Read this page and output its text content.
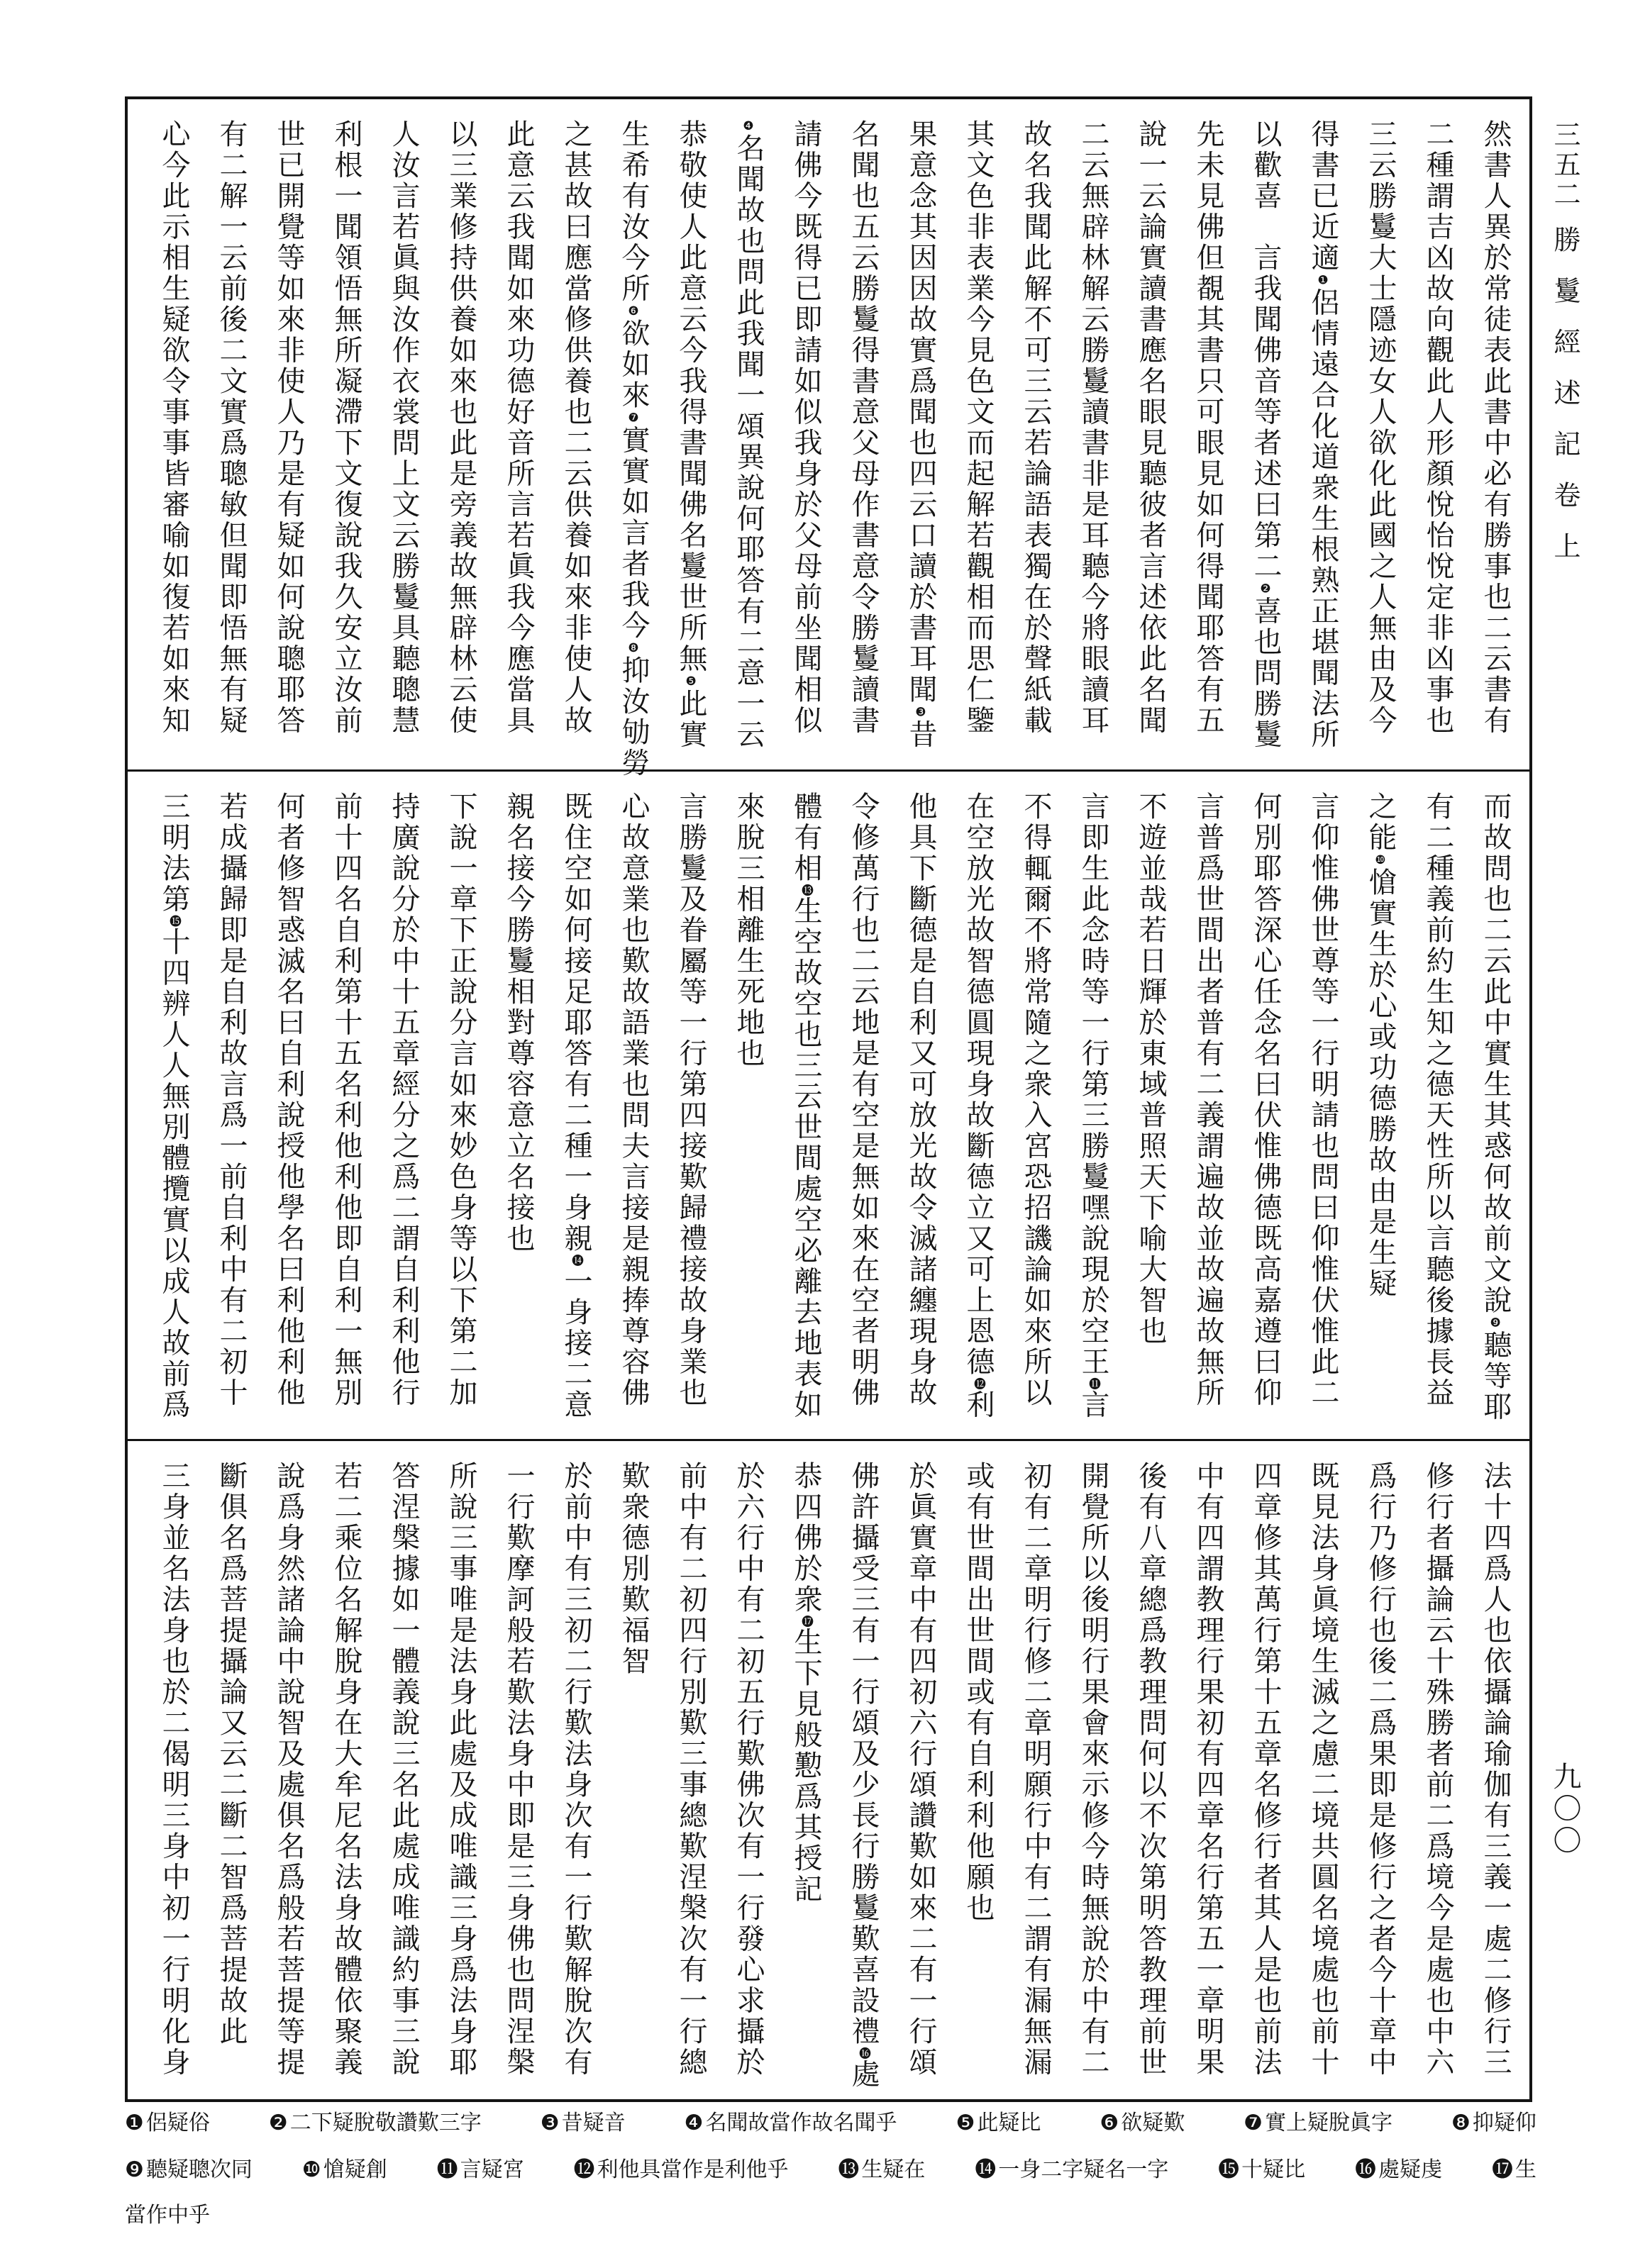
三五二
勝鬘經述記卷上
九〇〇
然書人異於常徒表此書中必有勝事也二云書有
二種謂吉凶故向觀此人形顏悅怡悅定非凶事也
三云勝鬘大士隱迹女人欲化此國之人無由及今
得書已近適❶侶情遠合化道衆生根熟正堪聞法所
以歡喜　言我聞佛音等者述曰第二❷喜也問勝鬘
先未見佛但覩其書只可眼見如何得聞耶答有五
說一云論實讀書應名眼見聽彼者言述依此名聞
二云無辟林解云勝鬘讀書非是耳聽今將眼讀耳
故名我聞此解不可三云若論語表獨在於聲紙載
其文色非表業今見色文而起解若觀相而思仁鑒
果意念其因因故實爲聞也四云口讀於書耳聞❸昔
名聞也五云勝鬘得書意父母作書意令勝鬘讀書
請佛今既得已即請如似我身於父母前坐聞相似
❹名聞故也問此我聞一頌異說何耶答有二意一云
恭敬使人此意云今我得書聞佛名鬘世所無❺此實
生希有汝今所❻欲如來❼實實如言者我今❽抑汝劬勞
之甚故曰應當修供養也二云供養如來非使人故
此意云我聞如來功德好音所言若眞我今應當具
以三業修持供養如來也此是旁義故無辟林云使
人汝言若眞與汝作衣裳問上文云勝鬘具聽聰慧
利根一聞領悟無所凝滯下文復說我久安立汝前
世已開覺等如來非使人乃是有疑如何說聰耶答
有二解一云前後二文實爲聰敏但聞即悟無有疑
心今此示相生疑欲令事事皆審喻如復若如來知
而故問也二云此中實生其惑何故前文說❾聽等耶
有二種義前約生知之德天性所以言聽後據長益
之能❿愴實生於心或功德勝故由是生疑
言仰惟佛世尊等一行明請也問曰仰惟伏惟此二
何別耶答深心任念名曰伏惟佛德既高嘉遵曰仰
言普爲世間出者普有二義謂遍故並故遍故無所
不遊並哉若日輝於東域普照天下喻大智也
言即生此念時等一行第三勝鬘嘿說現於空王⓫言
不得輒爾不將常隨之衆入宮恐招譏論如來所以
在空放光故智德圓現身故斷德立又可上恩德⓬利
他具下斷德是自利又可放光故令滅諸纏現身故
令修萬行也二云地是有空是無如來在空者明佛
體有相⓭生空故空也三云世間處空必離去地表如
來脫三相離生死地也
言勝鬘及眷屬等一行第四接歎歸禮接故身業也
心故意業也歎故語業也問夫言接是親捧尊容佛
既住空如何接足耶答有二種一身親⓮一身接二意
親名接今勝鬘相對尊容意立名接也
下說一章下正說分言如來妙色身等以下第二加
持廣說分於中十五章經分之爲二謂自利利他行
前十四名自利第十五名利他利他即自利一無別
何者修智惑滅名曰自利說授他學名曰利他利他
若成攝歸即是自利故言爲一前自利中有二初十
三明法第⓯十四辨人人無別體攬實以成人故前爲
法十四爲人也依攝論瑜伽有三義一處二修行三
修行者攝論云十殊勝者前二爲境今是處也中六
爲行乃修行也後二爲果即是修行之者今十章中
既見法身眞境生滅之慮二境共圓名境處也前十
四章修其萬行第十五章名修行者其人是也前法
中有四謂教理行果初有四章名行第五一章明果
後有八章總爲教理問何以不次第明答教理前世
開覺所以後明行果會來示修今時無說於中有二
初有二章明行修二章明願行中有二謂有漏無漏
或有世間出世間或有自利利他願也
於眞實章中有四初六行頌讚歎如來二有一行頌
佛許攝受三有一行頌及少長行勝鬘歎喜設禮⓰處
恭四佛於衆⓱生下見般懃爲其授記
於六行中有二初五行歎佛次有一行發心求攝於
前中有二初四行別歎三事總歎涅槃次有一行總
歎衆德別歎福智
於前中有三初二行歎法身次有一行歎解脫次有
一行歎摩訶般若歎法身中即是三身佛也問涅槃
所說三事唯是法身此處及成唯識三身爲法身耶
答涅槃據如一體義說三名此處成唯識約事三說
若二乘位名解脫身在大牟尼名法身故體依聚義
說爲身然諸論中說智及處俱名爲般若菩提等提
斷俱名爲菩提攝論又云二斷二智爲菩提故此
三身並名法身也於二偈明三身中初一行明化身
❶ 侶疑俗	❷ 二下疑脫敬讚歎三字	❸ 昔疑音	❹ 名聞故當作故名聞乎	❺ 此疑比	❻ 欲疑歎	❼ 實上疑脫眞字	❽ 抑疑仰
❾ 聽疑聰次同 ❿ 愴疑創 ⓫ 言疑宮 ⓬ 利他具當作是利他乎 ⓭ 生疑在 ⓮ 一身二字疑名一字 ⓯ 十疑比 ⓰ 處疑虔 ⓱ 生
當作中乎
